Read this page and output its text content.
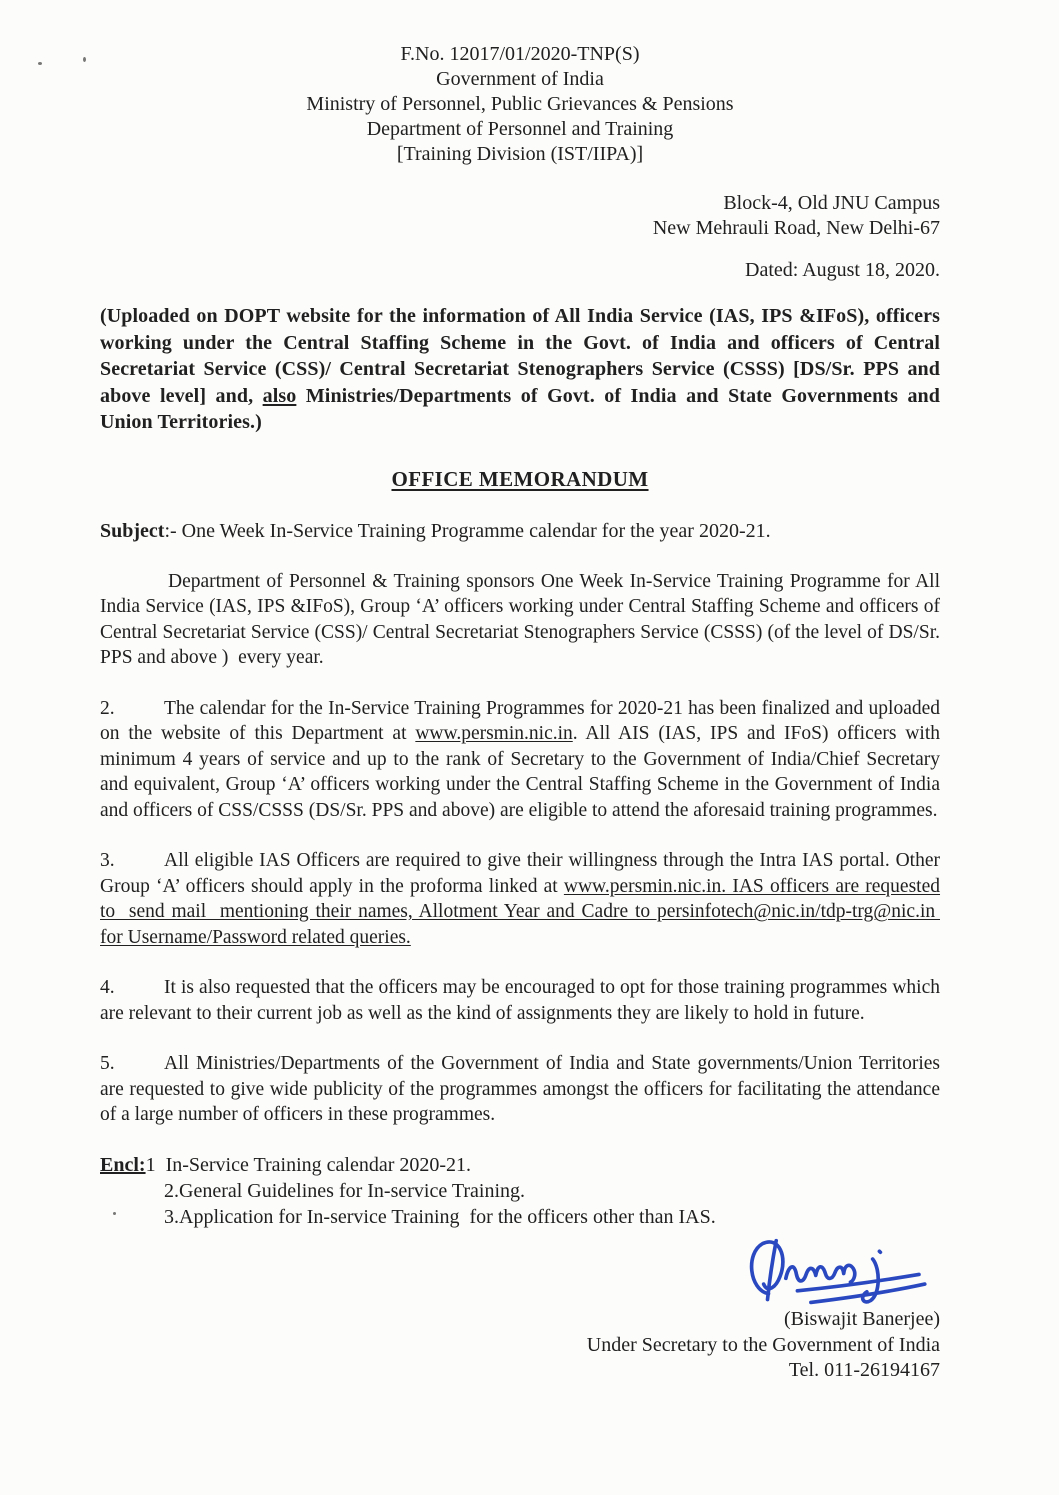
F.No. 12017/01/2020-TNP(S)
Government of India
Ministry of Personnel, Public Grievances & Pensions
Department of Personnel and Training
[Training Division (IST/IIPA)]
Block-4, Old JNU Campus
New Mehrauli Road, New Delhi-67
Dated: August 18, 2020.

(Uploaded on DOPT website for the information of All India Service (IAS, IPS &IFoS), officers working under the Central Staffing Scheme in the Govt. of India and officers of Central Secretariat Service (CSS)/ Central Secretariat Stenographers Service (CSSS) [DS/Sr. PPS and above level] and, also Ministries/Departments of Govt. of India and State Governments and Union Territories.)

OFFICE MEMORANDUM

Subject:- One Week In-Service Training Programme calendar for the year 2020-21.

Department of Personnel & Training sponsors One Week In-Service Training Programme for All India Service (IAS, IPS &IFoS), Group ‘A’ officers working under Central Staffing Scheme and officers of Central Secretariat Service (CSS)/ Central Secretariat Stenographers Service (CSSS) (of the level of DS/Sr. PPS and above )  every year.

2.	The calendar for the In-Service Training Programmes for 2020-21 has been finalized and uploaded on the website of this Department at www.persmin.nic.in. All AIS (IAS, IPS and IFoS) officers with minimum 4 years of service and up to the rank of Secretary to the Government of India/Chief Secretary and equivalent, Group ‘A’ officers working under the Central Staffing Scheme in the Government of India and officers of CSS/CSSS (DS/Sr. PPS and above) are eligible to attend the aforesaid training programmes.

3.	All eligible IAS Officers are required to give their willingness through the Intra IAS portal. Other Group ‘A’ officers should apply in the proforma linked at www.persmin.nic.in. IAS officers are requested to  send mail  mentioning their names, Allotment Year and Cadre to persinfotech@nic.in/tdp-trg@nic.in  for Username/Password related queries.

4.	It is also requested that the officers may be encouraged to opt for those training programmes which are relevant to their current job as well as the kind of assignments they are likely to hold in future.

5.	All Ministries/Departments of the Government of India and State governments/Union Territories are requested to give wide publicity of the programmes amongst the officers for facilitating the attendance of a large number of officers in these programmes.

Encl:1  In-Service Training calendar 2020-21.

2.General Guidelines for In-service Training.

3.Application for In-service Training  for the officers other than IAS.

(Biswajit Banerjee)
Under Secretary to the Government of India
Tel. 011-26194167
